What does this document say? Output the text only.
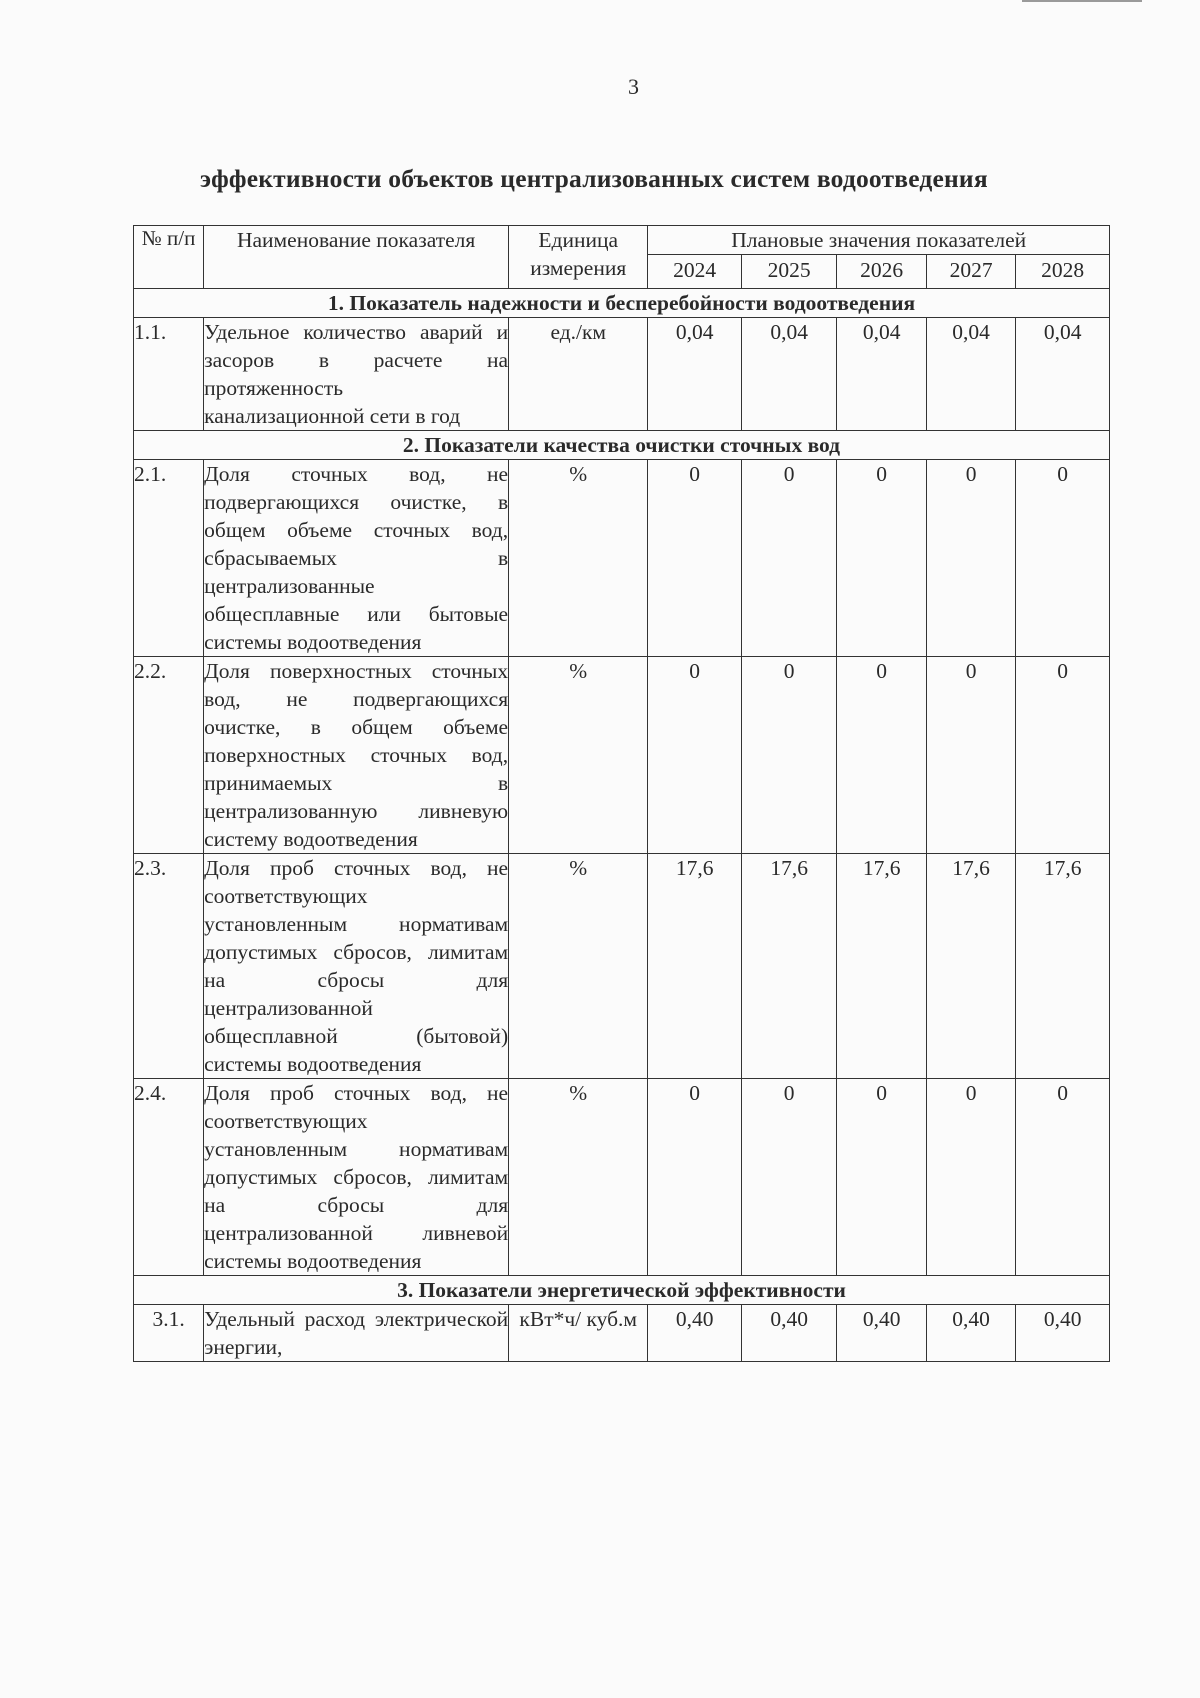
3
эффективности объектов централизованных систем водоотведения
№ п/п	Наименование показателя	Единица измерения	Плановые значения показателей				
			2024	2025	2026	2027	2028
1. Показатель надежности и бесперебойности водоотведения							
1.1.	Удельное количество аварий и засоров в расчете на протяженность канализационной сети в год	ед./км	0,04	0,04	0,04	0,04	0,04
2. Показатели качества очистки сточных вод							
2.1.	Доля сточных вод, не подвергающихся очистке, в общем объеме сточных вод, сбрасываемых в централизованные общесплавные или бытовые системы водоотведения	%	0	0	0	0	0
2.2.	Доля поверхностных сточных вод, не подвергающихся очистке, в общем объеме поверхностных сточных вод, принимаемых в централизованную ливневую систему водоотведения	%	0	0	0	0	0
2.3.	Доля проб сточных вод, не соответствующих установленным нормативам допустимых сбросов, лимитам на сбросы для централизованной общесплавной (бытовой) системы водоотведения	%	17,6	17,6	17,6	17,6	17,6
2.4.	Доля проб сточных вод, не соответствующих установленным нормативам допустимых сбросов, лимитам на сбросы для централизованной ливневой системы водоотведения	%	0	0	0	0	0
3. Показатели энергетической эффективности							
3.1.	Удельный расход электрической энергии,	кВт*ч/ куб.м	0,40	0,40	0,40	0,40	0,40
